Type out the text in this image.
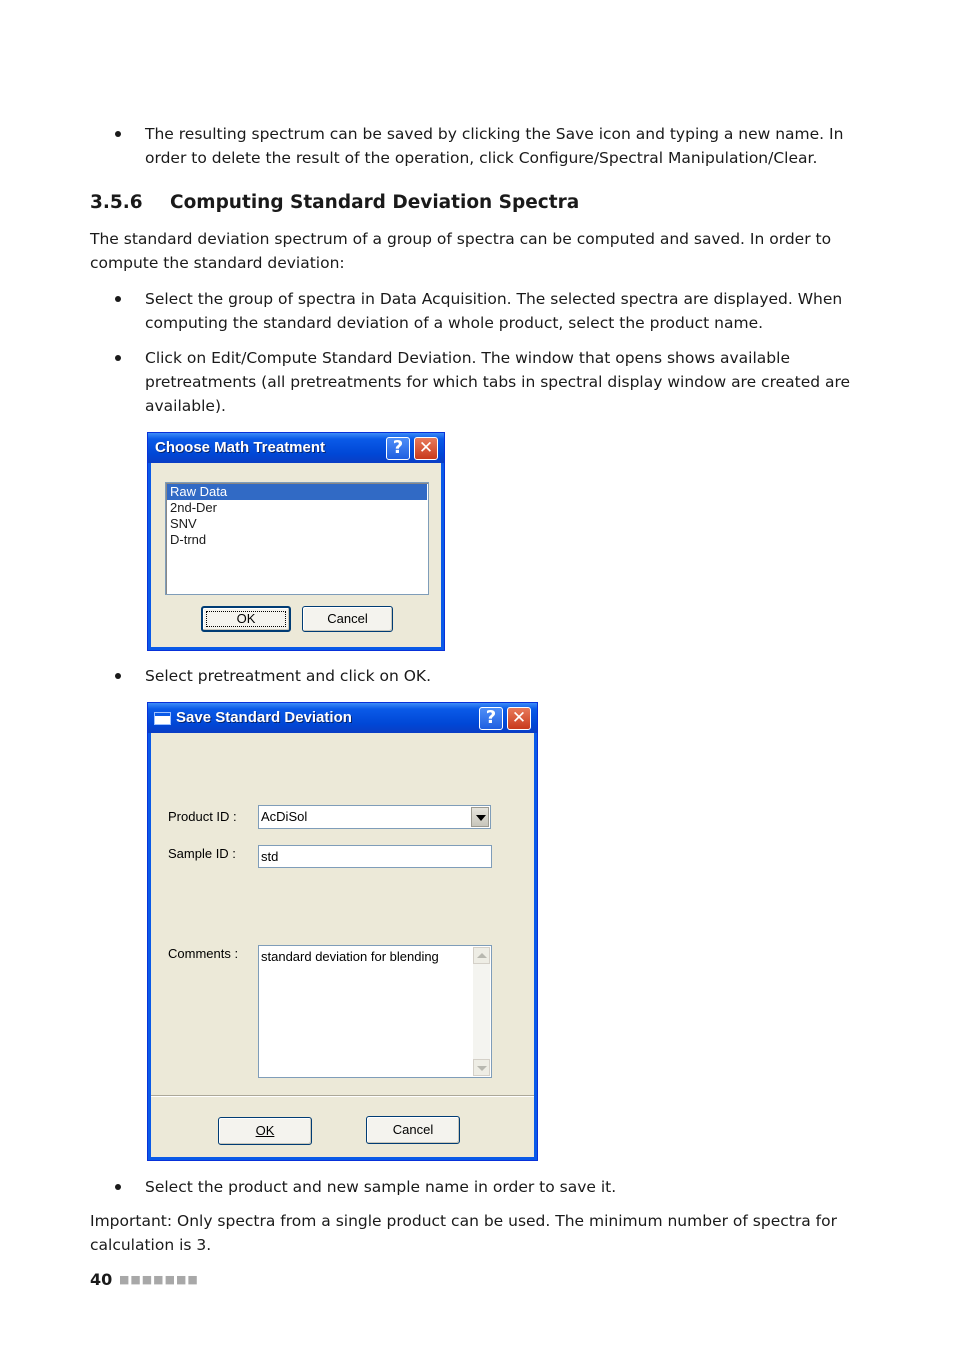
The resulting spectrum can be saved by clicking the Save icon and typing a new name. In
order to delete the result of the operation, click Configure/Spectral Manipulation/Clear.
3.5.6 Computing Standard Deviation Spectra
The standard deviation spectrum of a group of spectra can be computed and saved. In order to
compute the standard deviation:
Select the group of spectra in Data Acquisition. The selected spectra are displayed. When
computing the standard deviation of a whole product, select the product name.
Click on Edit/Compute Standard Deviation. The window that opens shows available
pretreatments (all pretreatments for which tabs in spectral display window are created are
available).
Choose Math Treatment	? ✕
Raw Data
2nd-Der
SNV
D-trnd
OK	Cancel
Select pretreatment and click on OK.
Save Standard Deviation	? ✕
Product ID : AcDiSol
Sample ID : std
Comments : standard deviation for blending
OK	Cancel
Select the product and new sample name in order to save it.
Important: Only spectra from a single product can be used. The minimum number of spectra for
calculation is 3.
40 ■■■■■■■
